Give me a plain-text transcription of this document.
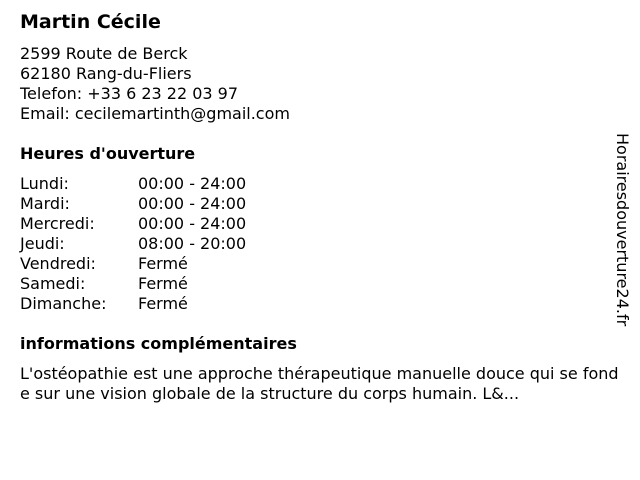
Martin Cécile
2599 Route de Berck
62180 Rang-du-Fliers
Telefon: +33 6 23 22 03 97
Email: cecilemartinth@gmail.com
Heures d'ouverture
Lundi:	00:00 - 24:00
Mardi:	00:00 - 24:00
Mercredi:	00:00 - 24:00
Jeudi:	08:00 - 20:00
Vendredi:	Fermé
Samedi:	Fermé
Dimanche:	Fermé
informations complémentaires

L'ostéopathie est une approche thérapeutique manuelle douce qui se fonde sur une vision globale de la structure du corps humain. L&...

Horairesdouverture24.fr
